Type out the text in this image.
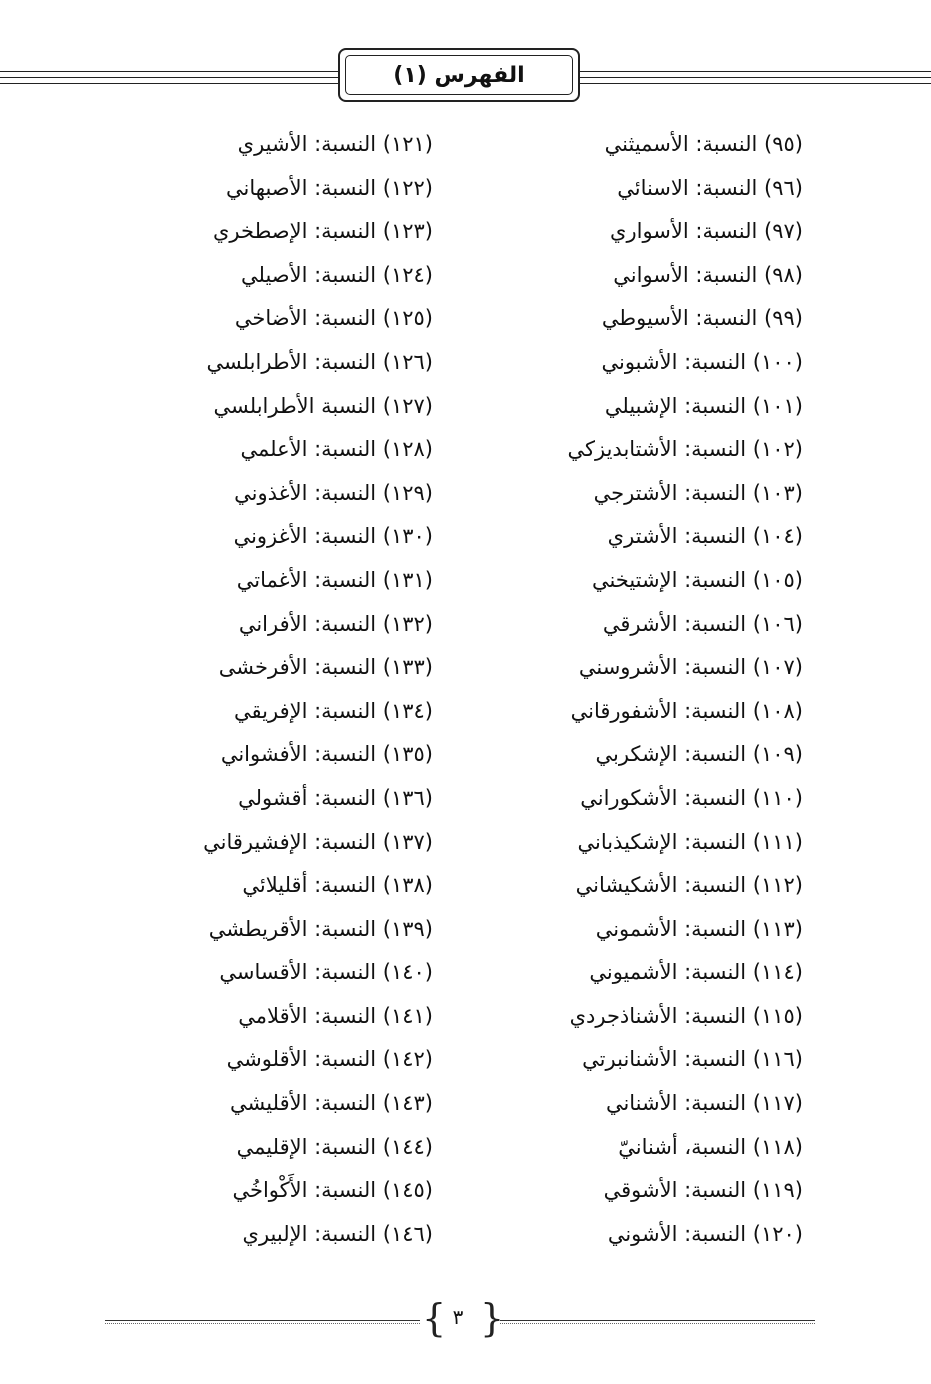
الفهرس (١)
(٩٥) النسبة: الأسميثني
(٩٦) النسبة: الاسنائي
(٩٧) النسبة: الأسواري
(٩٨) النسبة: الأسواني
(٩٩) النسبة: الأسيوطي
(١٠٠) النسبة: الأشبوني
(١٠١) النسبة: الإشبيلي
(١٠٢) النسبة: الأشتابديزكي
(١٠٣) النسبة: الأشترجي
(١٠٤) النسبة: الأشتري
(١٠٥) النسبة: الإشتيخني
(١٠٦) النسبة: الأشرقي
(١٠٧) النسبة: الأشروسني
(١٠٨) النسبة: الأشفورقاني
(١٠٩) النسبة: الإشكربي
(١١٠) النسبة: الأشكوراني
(١١١) النسبة: الإشكيذباني
(١١٢) النسبة: الأشكيشاني
(١١٣) النسبة: الأشموني
(١١٤) النسبة: الأشميوني
(١١٥) النسبة: الأشناذجردي
(١١٦) النسبة: الأشنانبرتي
(١١٧) النسبة: الأشناني
(١١٨) النسبة، أشنانيّ
(١١٩) النسبة: الأشوقي
(١٢٠) النسبة: الأشوني
(١٢١) النسبة: الأشيري
(١٢٢) النسبة: الأصبهاني
(١٢٣) النسبة: الإصطخري
(١٢٤) النسبة: الأصيلي
(١٢٥) النسبة: الأضاخي
(١٢٦) النسبة: الأطرابلسي
(١٢٧) النسبة الأطرابلسي
(١٢٨) النسبة: الأعلمي
(١٢٩) النسبة: الأغذوني
(١٣٠) النسبة: الأغزوني
(١٣١) النسبة: الأغماتي
(١٣٢) النسبة: الأفراني
(١٣٣) النسبة: الأفرخشى
(١٣٤) النسبة: الإفريقي
(١٣٥) النسبة: الأفشواني
(١٣٦) النسبة: أقشولي
(١٣٧) النسبة: الإفشيرقاني
(١٣٨) النسبة: أقليلائي
(١٣٩) النسبة: الأقريطشي
(١٤٠) النسبة: الأقساسي
(١٤١) النسبة: الأقلامي
(١٤٢) النسبة: الأقلوشي
(١٤٣) النسبة: الأقليشي
(١٤٤) النسبة: الإقليمي
(١٤٥) النسبة: الأَكْواخُي
(١٤٦) النسبة: الإلبيري
{ ٣ }
